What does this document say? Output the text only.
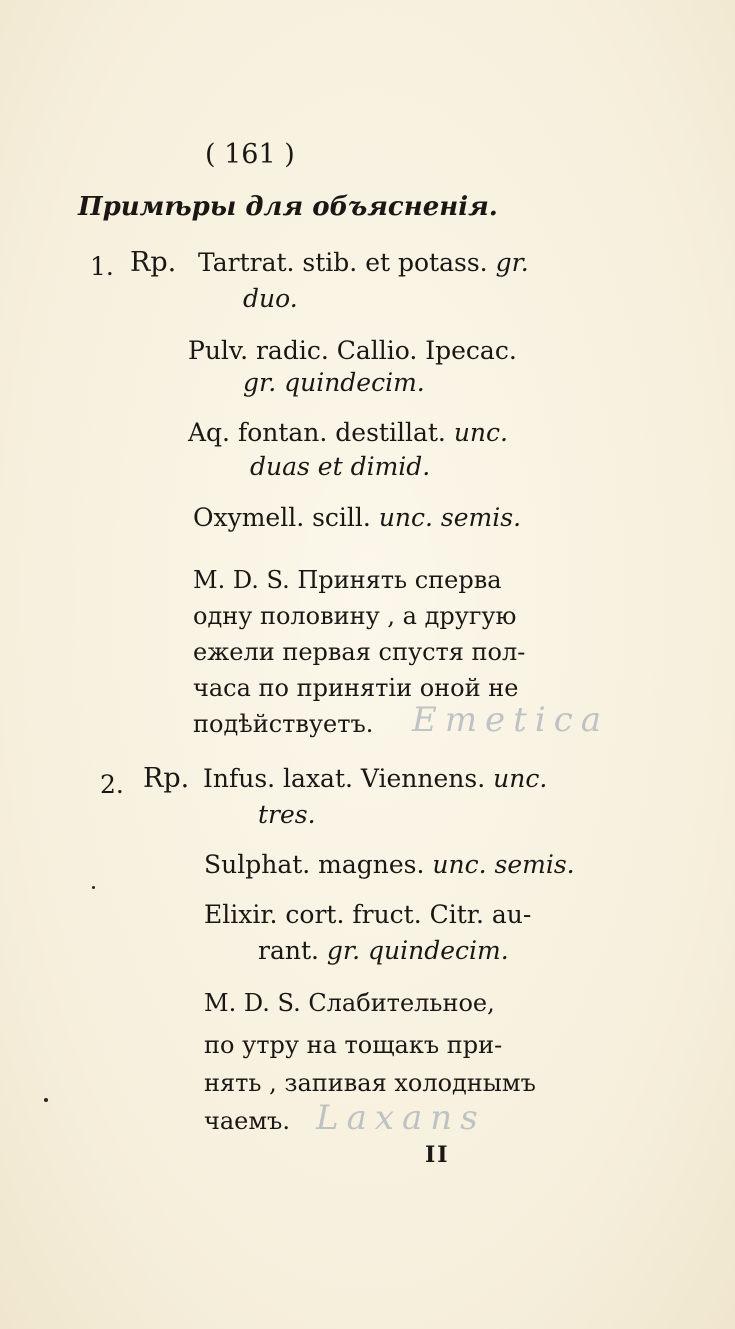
( 161 )
Примѣры для объясненія.
1. Rp. Tartrat. stib. et potass. gr.
duo.
Pulv. radic. Callio. Ipecac.
gr. quindecim.
Aq. fontan. destillat. unc.
duas et dimid.
Oxymell. scill. unc. semis.
M. D. S. Принять сперва
одну половину , а другую
ежели первая спустя пол-
часа по принятіи оной не
подѣйствуетъ. Emetica
2. Rp. Infus. laxat. Viennens. unc.
tres.
Sulphat. magnes. unc. semis.
Elixir. cort. fruct. Citr. au-
rant. gr. quindecim.
M. D. S. Слабительное,
по утру на тощакъ при-
нять , запивая холоднымъ
чаемъ. Laxans
II
